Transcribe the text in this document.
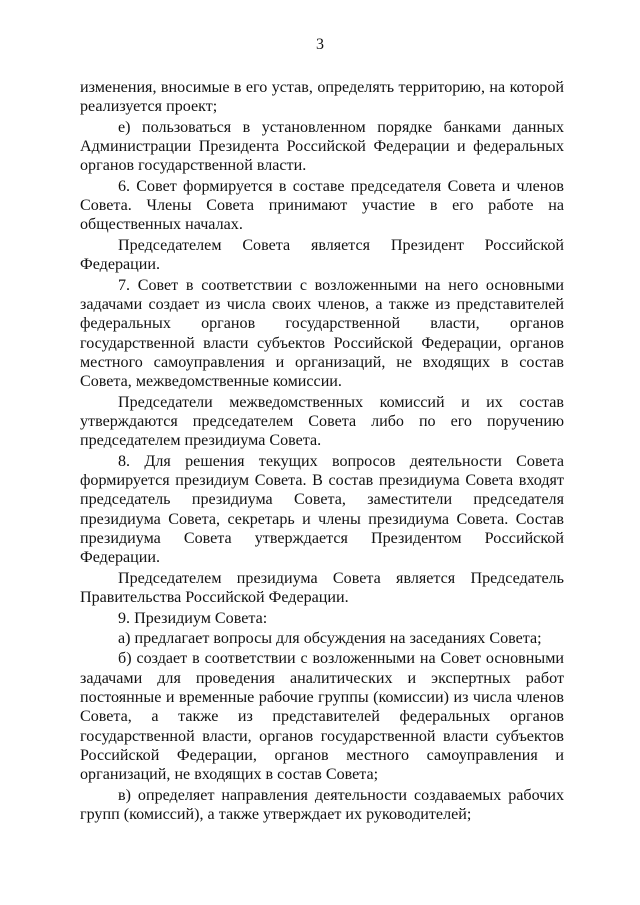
3

изменения, вносимые в его устав, определять территорию, на которой реализуется проект;

е) пользоваться в установленном порядке банками данных Администрации Президента Российской Федерации и федеральных органов государственной власти.

6. Совет формируется в составе председателя Совета и членов Совета. Члены Совета принимают участие в его работе на общественных началах.

Председателем Совета является Президент Российской Федерации.

7. Совет в соответствии с возложенными на него основными задачами создает из числа своих членов, а также из представителей федеральных органов государственной власти, органов государственной власти субъектов Российской Федерации, органов местного самоуправления и организаций, не входящих в состав Совета, межведомственные комиссии.

Председатели межведомственных комиссий и их состав утверждаются председателем Совета либо по его поручению председателем президиума Совета.

8. Для решения текущих вопросов деятельности Совета формируется президиум Совета. В состав президиума Совета входят председатель президиума Совета, заместители председателя президиума Совета, секретарь и члены президиума Совета. Состав президиума Совета утверждается Президентом Российской Федерации.

Председателем президиума Совета является Председатель Правительства Российской Федерации.

9. Президиум Совета:

а) предлагает вопросы для обсуждения на заседаниях Совета;

б) создает в соответствии с возложенными на Совет основными задачами для проведения аналитических и экспертных работ постоянные и временные рабочие группы (комиссии) из числа членов Совета, а также из представителей федеральных органов государственной власти, органов государственной власти субъектов Российской Федерации, органов местного самоуправления и организаций, не входящих в состав Совета;

в) определяет направления деятельности создаваемых рабочих групп (комиссий), а также утверждает их руководителей;
